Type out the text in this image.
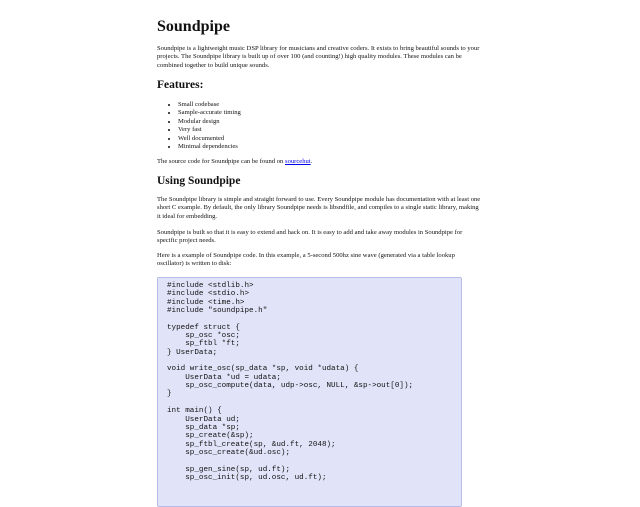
Soundpipe

Soundpipe is a lightweight music DSP library for musicians and creative coders. It exists to bring beautiful sounds to your projects. The Soundpipe library is built up of over 100 (and counting!) high quality modules. These modules can be combined together to build unique sounds.

Features:
• Small codebase
• Sample-accurate timing
• Modular design
• Very fast
• Well documented
• Minimal dependencies

The source code for Soundpipe can be found on sourcehut.

Using Soundpipe

The Soundpipe library is simple and straight forward to use. Every Soundpipe module has documentation with at least one short C example. By default, the only library Soundpipe needs is libsndfile, and compiles to a single static library, making it ideal for embedding.

Soundpipe is built so that it is easy to extend and hack on. It is easy to add and take away modules in Soundpipe for specific project needs.

Here is a example of Soundpipe code. In this example, a 5-second 500hz sine wave (generated via a table lookup oscillator) is written to disk:

#include <stdlib.h>
#include <stdio.h>
#include <time.h>
#include "soundpipe.h"

typedef struct {
sp_osc *osc;
sp_ftbl *ft;
} UserData;

void write_osc(sp_data *sp, void *udata) {
UserData *ud = udata;
sp_osc_compute(data, udp->osc, NULL, &sp->out[0]);
}

int main() {
UserData ud;
sp_data *sp;
sp_create(&sp);
sp_ftbl_create(sp, &ud.ft, 2048);
sp_osc_create(&ud.osc);

sp_gen_sine(sp, ud.ft);
sp_osc_init(sp, ud.osc, ud.ft);
